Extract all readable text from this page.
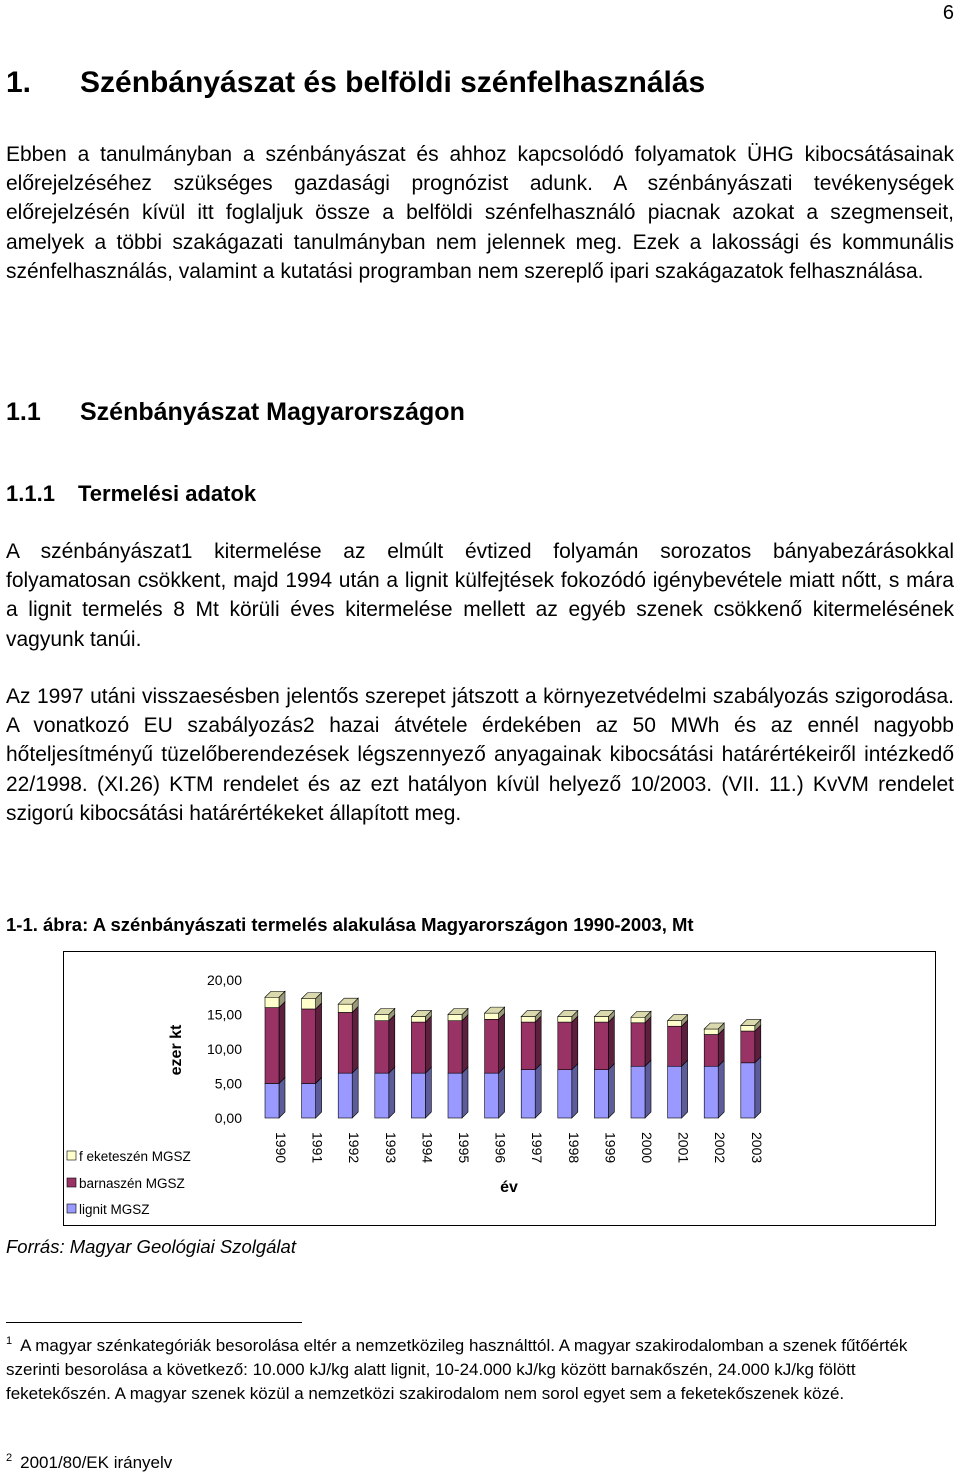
6
1. Szénbányászat és belföldi szénfelhasználás

Ebben a tanulmányban a szénbányászat és ahhoz kapcsolódó folyamatok ÜHG kibocsátásainak előrejelzéséhez szükséges gazdasági prognózist adunk. A szénbányászati tevékenységek előrejelzésén kívül itt foglaljuk össze a belföldi szénfelhasználó piacnak azokat a szegmenseit, amelyek a többi szakágazati tanulmányban nem jelennek meg. Ezek a lakossági és kommunális szénfelhasználás, valamint a kutatási programban nem szereplő ipari szakágazatok felhasználása.

1.1 Szénbányászat Magyarországon
1.1.1 Termelési adatok

A szénbányászat1 kitermelése az elmúlt évtized folyamán sorozatos bányabezárásokkal folyamatosan csökkent, majd 1994 után a lignit külfejtések fokozódó igénybevétele miatt nőtt, s mára a lignit termelés 8 Mt körüli éves kitermelése mellett az egyéb szenek csökkenő kitermelésének vagyunk tanúi.

Az 1997 utáni visszaesésben jelentős szerepet játszott a környezetvédelmi szabályozás szigorodása. A vonatkozó EU szabályozás2 hazai átvétele érdekében az 50 MWh és az ennél nagyobb hőteljesítményű tüzelőberendezések légszennyező anyagainak kibocsátási határértékeiről intézkedő 22/1998. (XI.26) KTM rendelet és az ezt hatályon kívül helyező 10/2003. (VII. 11.) KvVM rendelet szigorú kibocsátási határértékeket állapított meg.

1-1. ábra: A szénbányászati termelés alakulása Magyarországon 1990-2003, Mt

0,00
5,00
10,00
15,00
20,00
ezer kt
1990 1991 1992 1993 1994 1995 1996 1997 1998 1999 2000 2001 2002 2003
év
f eketeszén MGSZ
barnaszén MGSZ
lignit MGSZ

Forrás: Magyar Geológiai Szolgálat

$^1$ A magyar szénkategóriák besorolása eltér a nemzetközileg használttól. A magyar szakirodalomban a szenek fűtőérték szerinti besorolása a következő: 10.000 kJ/kg alatt lignit, 10-24.000 kJ/kg között barnakőszén, 24.000 kJ/kg fölött feketekőszén. A magyar szenek közül a nemzetközi szakirodalom nem sorol egyet sem a feketekőszenek közé.

$^2$ 2001/80/EK irányelv
